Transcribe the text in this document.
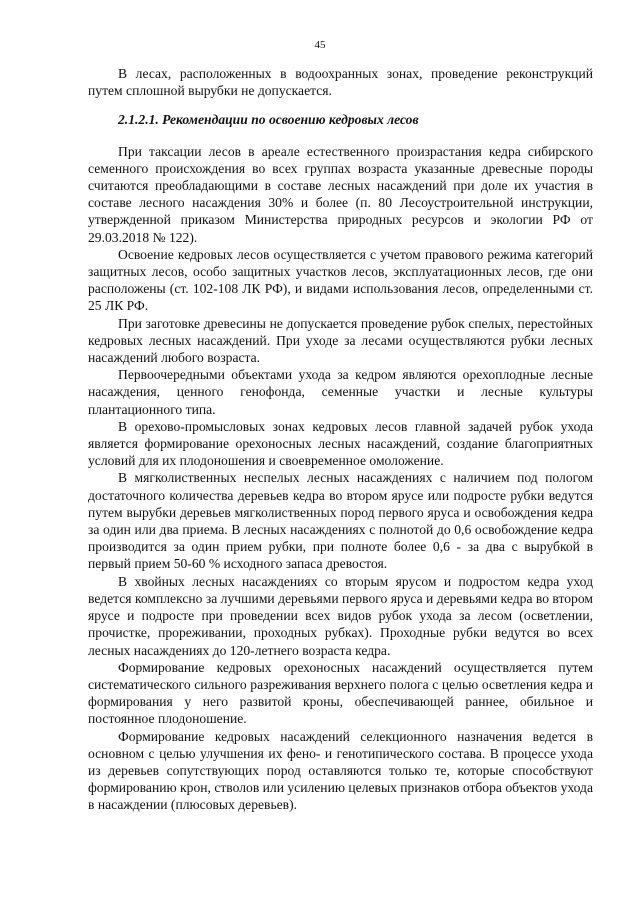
45

В лесах, расположенных в водоохранных зонах, проведение реконструкций путем сплошной вырубки не допускается.

2.1.2.1. Рекомендации по освоению кедровых лесов

При таксации лесов в ареале естественного произрастания кедра сибирского семенного происхождения во всех группах возраста указанные древесные породы считаются преобладающими в составе лесных насаждений при доле их участия в составе лесного насаждения 30% и более (п. 80 Лесоустроительной инструкции, утвержденной приказом Министерства природных ресурсов и экологии РФ от 29.03.2018 № 122).

Освоение кедровых лесов осуществляется с учетом правового режима категорий защитных лесов, особо защитных участков лесов, эксплуатационных лесов, где они расположены (ст. 102-108 ЛК РФ), и видами использования лесов, определенными ст. 25 ЛК РФ.

При заготовке древесины не допускается проведение рубок спелых, перестойных кедровых лесных насаждений. При уходе за лесами осуществляются рубки лесных насаждений любого возраста.

Первоочередными объектами ухода за кедром являются орехоплодные лесные насаждения, ценного генофонда, семенные участки и лесные культуры плантационного типа.

В орехово-промысловых зонах кедровых лесов главной задачей рубок ухода является формирование орехоносных лесных насаждений, создание благоприятных условий для их плодоношения и своевременное омоложение.

В мягколиственных неспелых лесных насаждениях с наличием под пологом достаточного количества деревьев кедра во втором ярусе или подросте рубки ведутся путем вырубки деревьев мягколиственных пород первого яруса и освобождения кедра за один или два приема. В лесных насаждениях с полнотой до 0,6 освобождение кедра производится за один прием рубки, при полноте более 0,6 - за два с вырубкой в первый прием 50-60 % исходного запаса древостоя.

В хвойных лесных насаждениях со вторым ярусом и подростом кедра уход ведется комплексно за лучшими деревьями первого яруса и деревьями кедра во втором ярусе и подросте при проведении всех видов рубок ухода за лесом (осветлении, прочистке, прореживании, проходных рубках). Проходные рубки ведутся во всех лесных насаждениях до 120-летнего возраста кедра.

Формирование кедровых орехоносных насаждений осуществляется путем систематического сильного разреживания верхнего полога с целью осветления кедра и формирования у него развитой кроны, обеспечивающей раннее, обильное и постоянное плодоношение.

Формирование кедровых насаждений селекционного назначения ведется в основном с целью улучшения их фено- и генотипического состава. В процессе ухода из деревьев сопутствующих пород оставляются только те, которые способствуют формированию крон, стволов или усилению целевых признаков отбора объектов ухода в насаждении (плюсовых деревьев).
